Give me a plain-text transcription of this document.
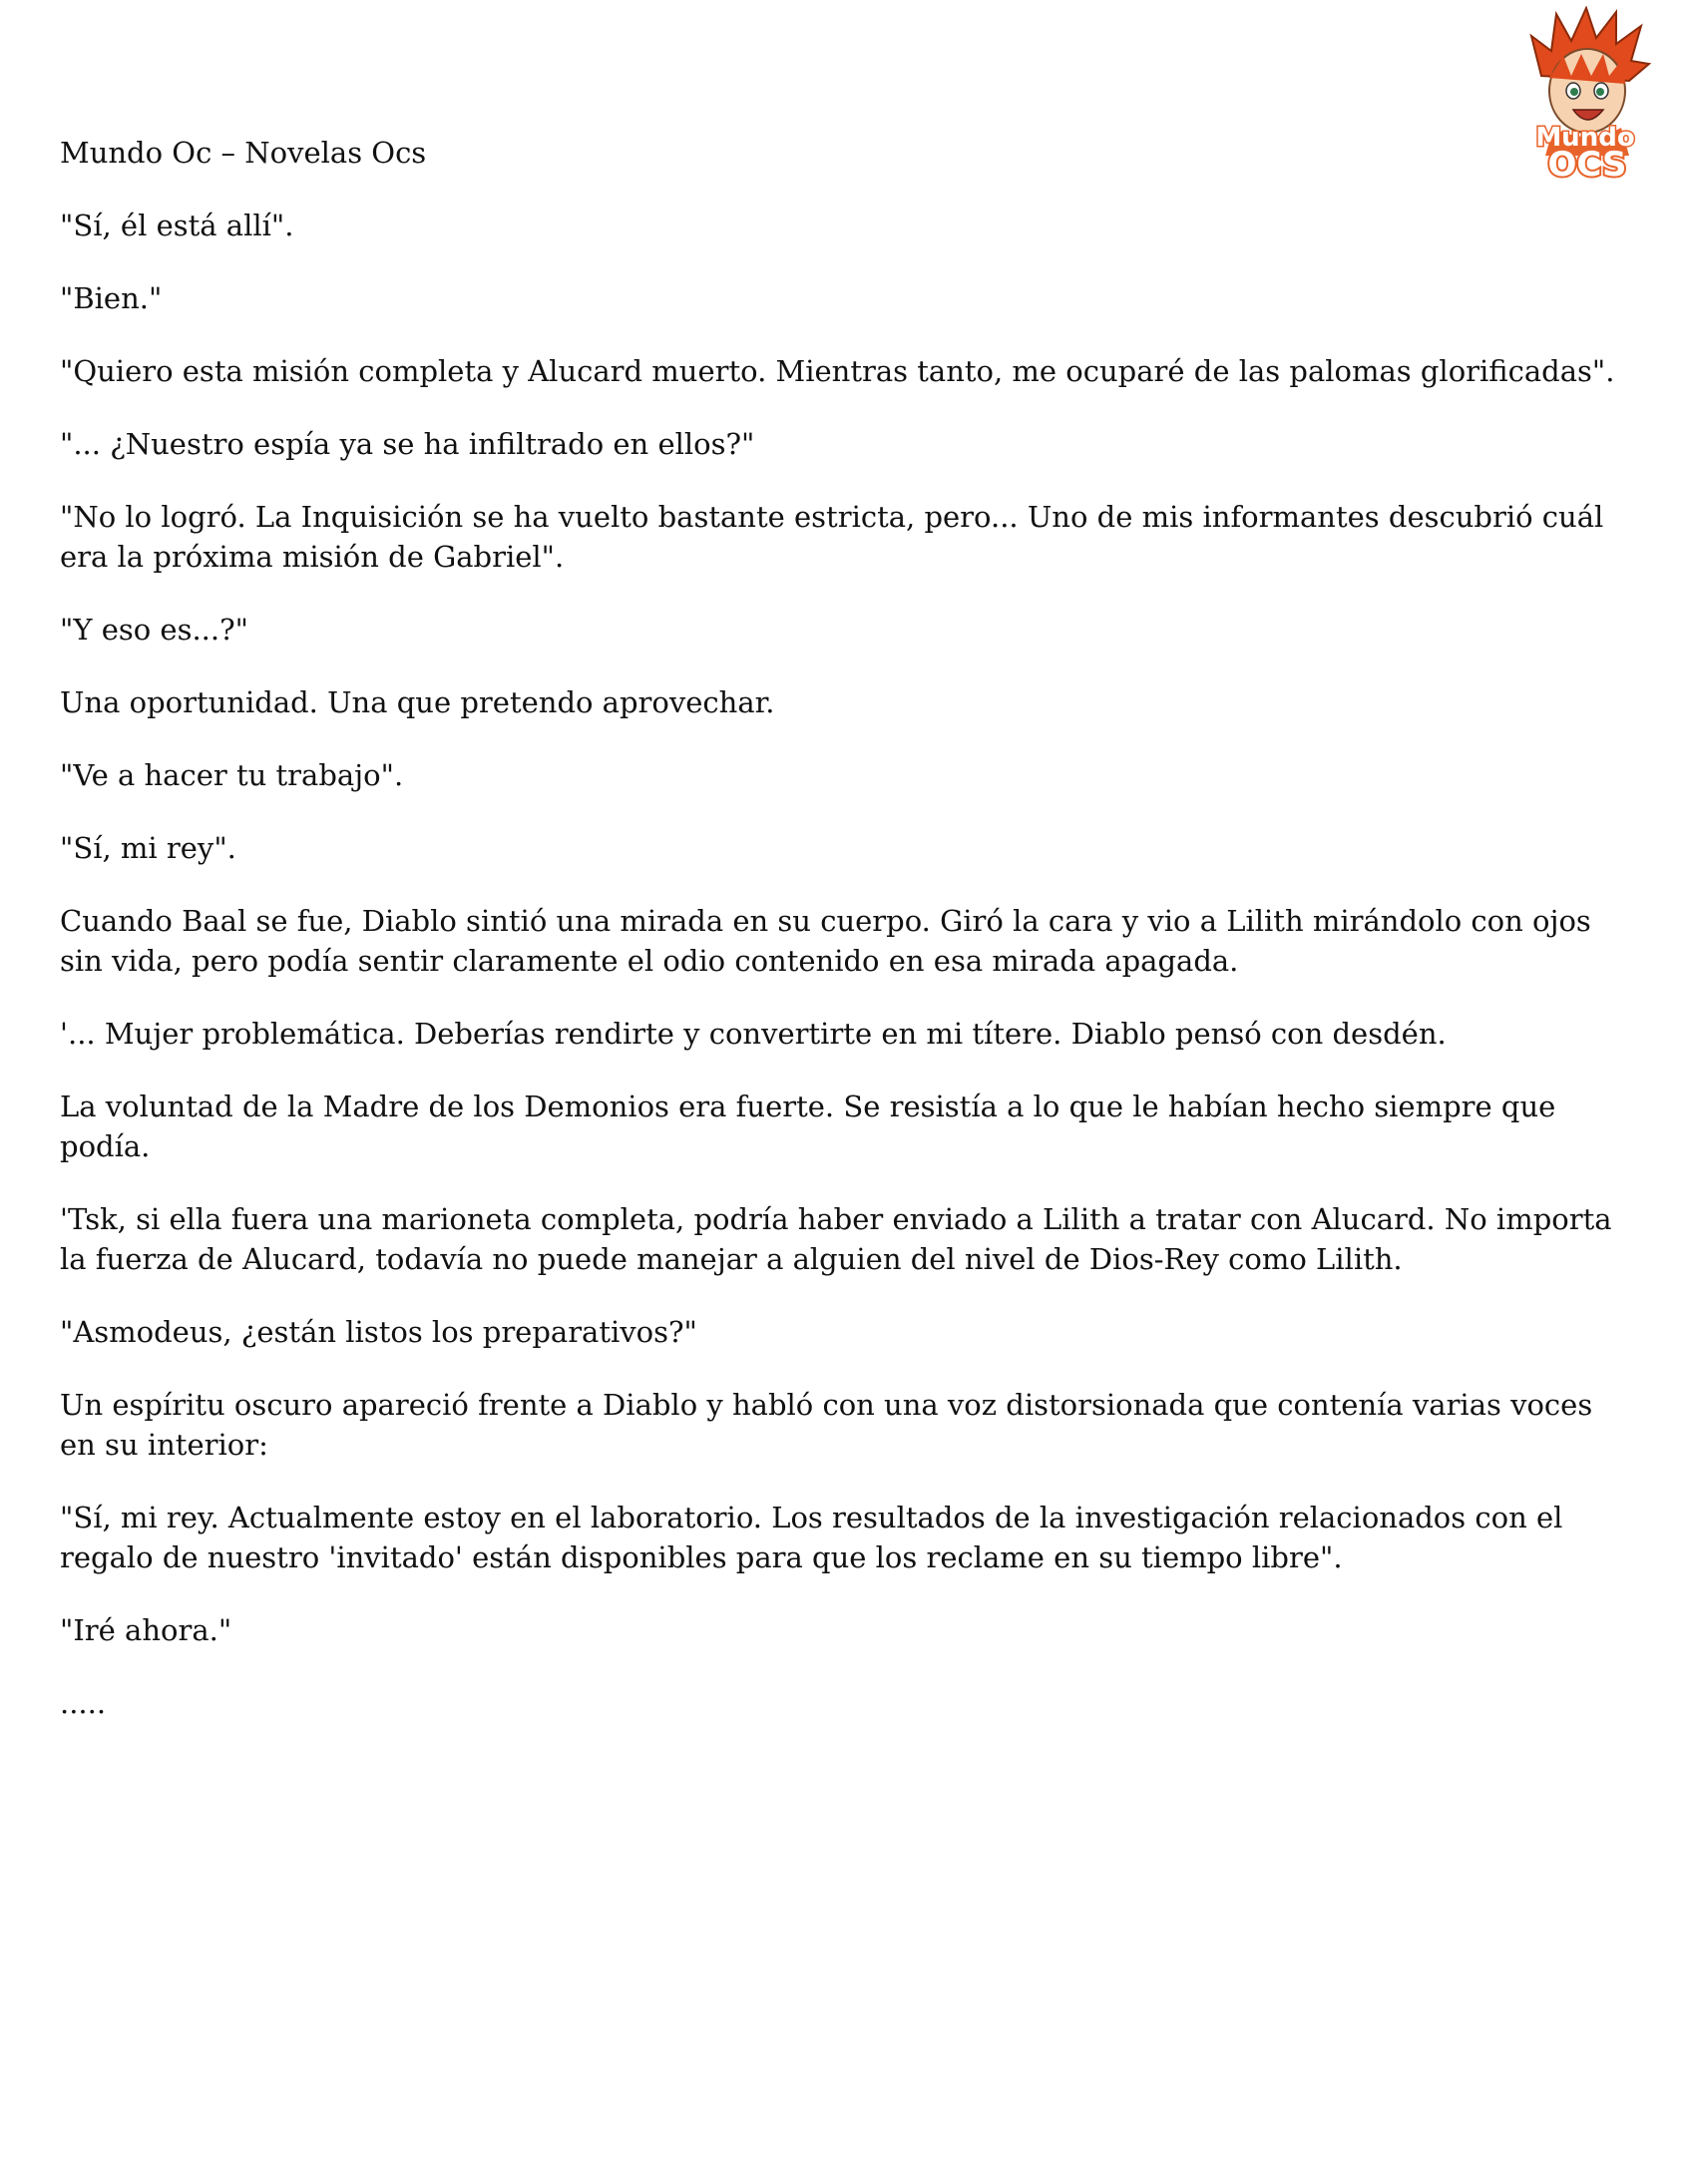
Mundo
OCS
Mundo Oc – Novelas Ocs

"Sí, él está allí".

"Bien."

"Quiero esta misión completa y Alucard muerto. Mientras tanto, me ocuparé de las palomas glorificadas".

"... ¿Nuestro espía ya se ha infiltrado en ellos?"

"No lo logró. La Inquisición se ha vuelto bastante estricta, pero... Uno de mis informantes descubrió cuál era la próxima misión de Gabriel".

"Y eso es...?"

Una oportunidad. Una que pretendo aprovechar.

"Ve a hacer tu trabajo".

"Sí, mi rey".

Cuando Baal se fue, Diablo sintió una mirada en su cuerpo. Giró la cara y vio a Lilith mirándolo con ojos sin vida, pero podía sentir claramente el odio contenido en esa mirada apagada.

'... Mujer problemática. Deberías rendirte y convertirte en mi títere. Diablo pensó con desdén.

La voluntad de la Madre de los Demonios era fuerte. Se resistía a lo que le habían hecho siempre que podía.

'Tsk, si ella fuera una marioneta completa, podría haber enviado a Lilith a tratar con Alucard. No importa la fuerza de Alucard, todavía no puede manejar a alguien del nivel de Dios-Rey como Lilith.

"Asmodeus, ¿están listos los preparativos?"

Un espíritu oscuro apareció frente a Diablo y habló con una voz distorsionada que contenía varias voces en su interior:

"Sí, mi rey. Actualmente estoy en el laboratorio. Los resultados de la investigación relacionados con el regalo de nuestro 'invitado' están disponibles para que los reclame en su tiempo libre".

"Iré ahora."

.....
